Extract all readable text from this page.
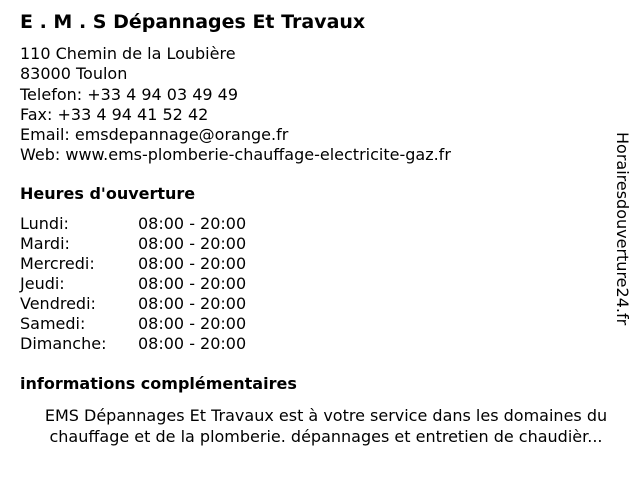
E . M . S Dépannages Et Travaux
110 Chemin de la Loubière
83000 Toulon
Telefon: +33 4 94 03 49 49
Fax: +33 4 94 41 52 42
Email: emsdepannage@orange.fr
Web: www.ems-plomberie-chauffage-electricite-gaz.fr
Heures d'ouverture
Lundi:	08:00 - 20:00
Mardi:	08:00 - 20:00
Mercredi:	08:00 - 20:00
Jeudi:	08:00 - 20:00
Vendredi:	08:00 - 20:00
Samedi:	08:00 - 20:00
Dimanche: 08:00 - 20:00
informations complémentaires
EMS Dépannages Et Travaux est à votre service dans les domaines du
chauffage et de la plomberie. dépannages et entretien de chaudièr...
Horairesdouverture24.fr
